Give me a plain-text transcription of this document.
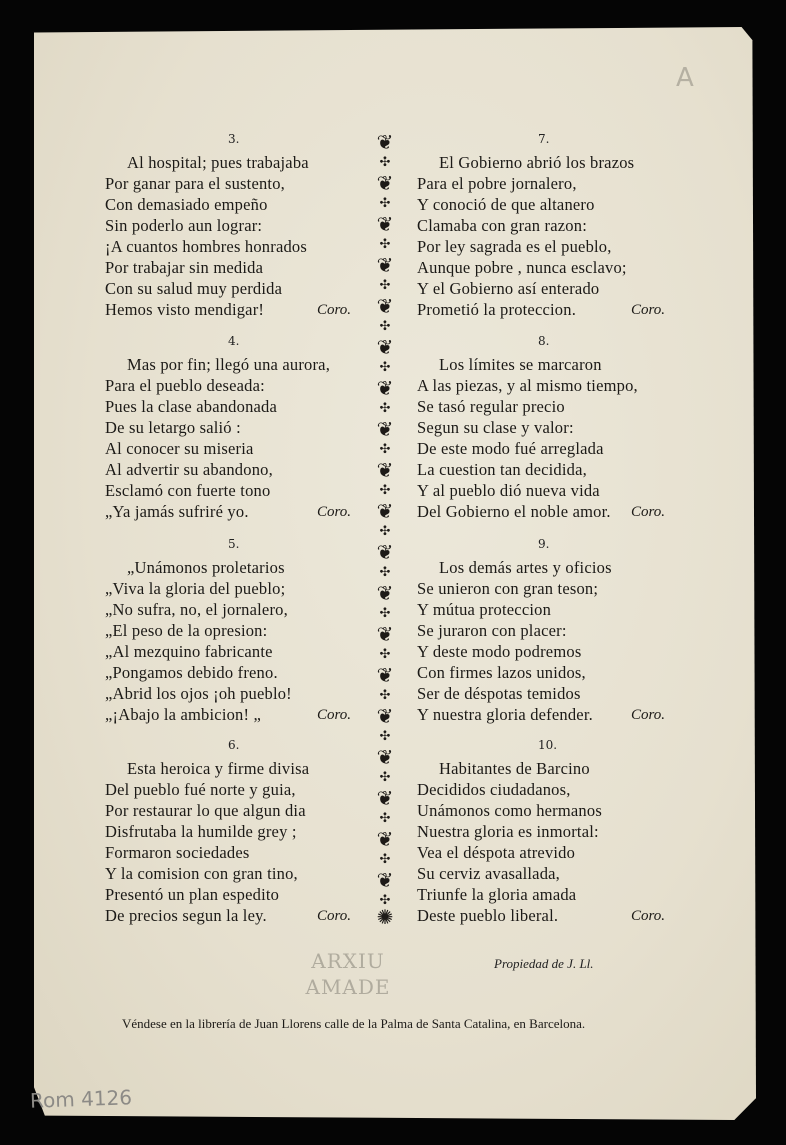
A
3.
Al hospital; pues trabajaba
Por ganar para el sustento,
Con demasiado empeño
Sin poderlo aun lograr:
¡A cuantos hombres honrados
Por trabajar sin medida
Con su salud muy perdida
Hemos visto mendigar!	Coro.
4.
Mas por fin; llegó una aurora,
Para el pueblo deseada:
Pues la clase abandonada
De su letargo salió :
Al conocer su miseria
Al advertir su abandono,
Esclamó con fuerte tono
„Ya jamás sufriré yo.	Coro.
5.
„Unámonos proletarios
„Viva la gloria del pueblo;
„No sufra, no, el jornalero,
„El peso de la opresion:
„Al mezquino fabricante
„Pongamos debido freno.
„Abrid los ojos ¡oh pueblo!
„¡Abajo la ambicion! „	Coro.
6.
Esta heroica y firme divisa
Del pueblo fué norte y guia,
Por restaurar lo que algun dia
Disfrutaba la humilde grey ;
Formaron sociedades
Y la comision con gran tino,
Presentó un plan espedito
De precios segun la ley.	Coro.
7.
El Gobierno abrió los brazos
Para el pobre jornalero,
Y conoció de que altanero
Clamaba con gran razon:
Por ley sagrada es el pueblo,
Aunque pobre , nunca esclavo;
Y el Gobierno así enterado
Prometió la proteccion.	Coro.
8.
Los límites se marcaron
A las piezas, y al mismo tiempo,
Se tasó regular precio
Segun su clase y valor:
De este modo fué arreglada
La cuestion tan decidida,
Y al pueblo dió nueva vida
Del Gobierno el noble amor. Coro.
9.
Los demás artes y oficios
Se unieron con gran teson;
Y mútua proteccion
Se juraron con placer:
Y deste modo podremos
Con firmes lazos unidos,
Ser de déspotas temidos
Y nuestra gloria defender.	Coro.
10.
Habitantes de Barcino
Decididos ciudadanos,
Unámonos como hermanos
Nuestra gloria es inmortal:
Vea el déspota atrevido
Su cerviz avasallada,
Triunfe la gloria amada
Deste pueblo liberal.	Coro.
❦
✣
❦
✣
❦
✣
❦
✣
❦
✣
❦
✣
❦
✣
❦
✣
❦
✣
❦
✣
❦
✣
❦
✣
❦
✣
❦
✣
❦
✣
❦
✣
❦
✣
❦
✣
❦
✣
✺
ARXIU
AMADE
Propiedad de J. Ll.
Véndese en la librería de Juan Llorens calle de la Palma de Santa Catalina, en Barcelona.
Rom 4126
